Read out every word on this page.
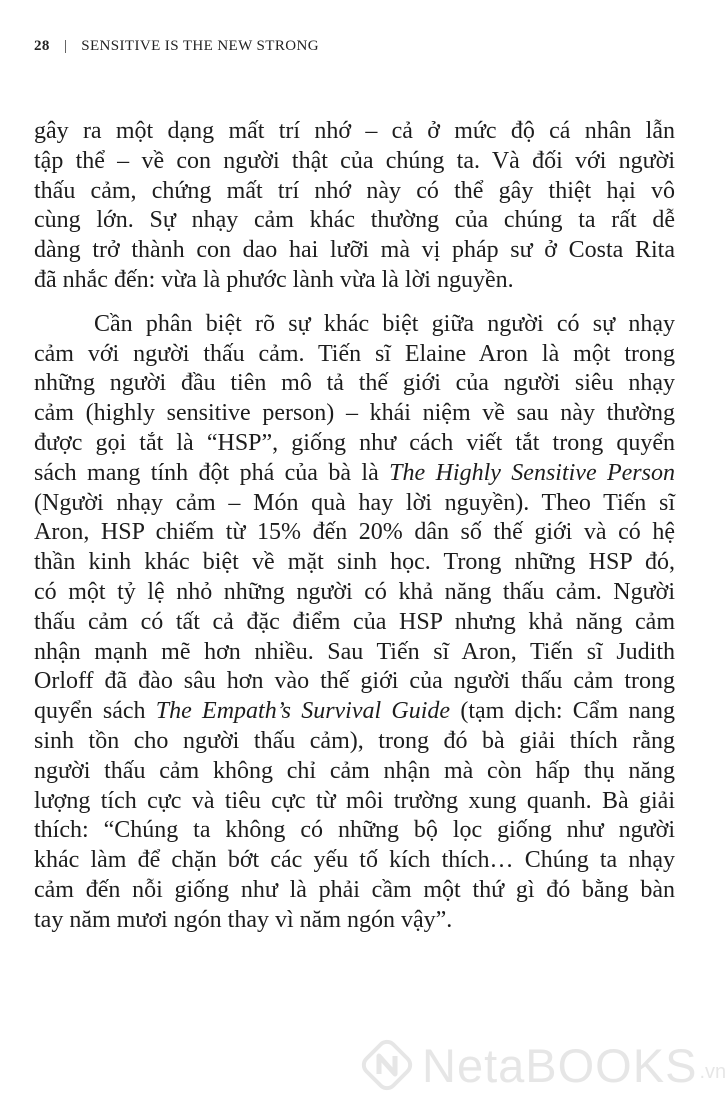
28 | SENSITIVE IS THE NEW STRONG
gây ra một dạng mất trí nhớ – cả ở mức độ cá nhân lẫn
tập thể – về con người thật của chúng ta. Và đối với người
thấu cảm, chứng mất trí nhớ này có thể gây thiệt hại vô
cùng lớn. Sự nhạy cảm khác thường của chúng ta rất dễ
dàng trở thành con dao hai lưỡi mà vị pháp sư ở Costa Rita
đã nhắc đến: vừa là phước lành vừa là lời nguyền.
Cần phân biệt rõ sự khác biệt giữa người có sự nhạy
cảm với người thấu cảm. Tiến sĩ Elaine Aron là một trong
những người đầu tiên mô tả thế giới của người siêu nhạy
cảm (highly sensitive person) – khái niệm về sau này thường
được gọi tắt là “HSP”, giống như cách viết tắt trong quyển
sách mang tính đột phá của bà là The Highly Sensitive Person
(Người nhạy cảm – Món quà hay lời nguyền). Theo Tiến sĩ
Aron, HSP chiếm từ 15% đến 20% dân số thế giới và có hệ
thần kinh khác biệt về mặt sinh học. Trong những HSP đó,
có một tỷ lệ nhỏ những người có khả năng thấu cảm. Người
thấu cảm có tất cả đặc điểm của HSP nhưng khả năng cảm
nhận mạnh mẽ hơn nhiều. Sau Tiến sĩ Aron, Tiến sĩ Judith
Orloff đã đào sâu hơn vào thế giới của người thấu cảm trong
quyển sách The Empath’s Survival Guide (tạm dịch: Cẩm nang
sinh tồn cho người thấu cảm), trong đó bà giải thích rằng
người thấu cảm không chỉ cảm nhận mà còn hấp thụ năng
lượng tích cực và tiêu cực từ môi trường xung quanh. Bà giải
thích: “Chúng ta không có những bộ lọc giống như người
khác làm để chặn bớt các yếu tố kích thích… Chúng ta nhạy
cảm đến nỗi giống như là phải cầm một thứ gì đó bằng bàn
tay năm mươi ngón thay vì năm ngón vậy”.
NetaBOOKS .vn
